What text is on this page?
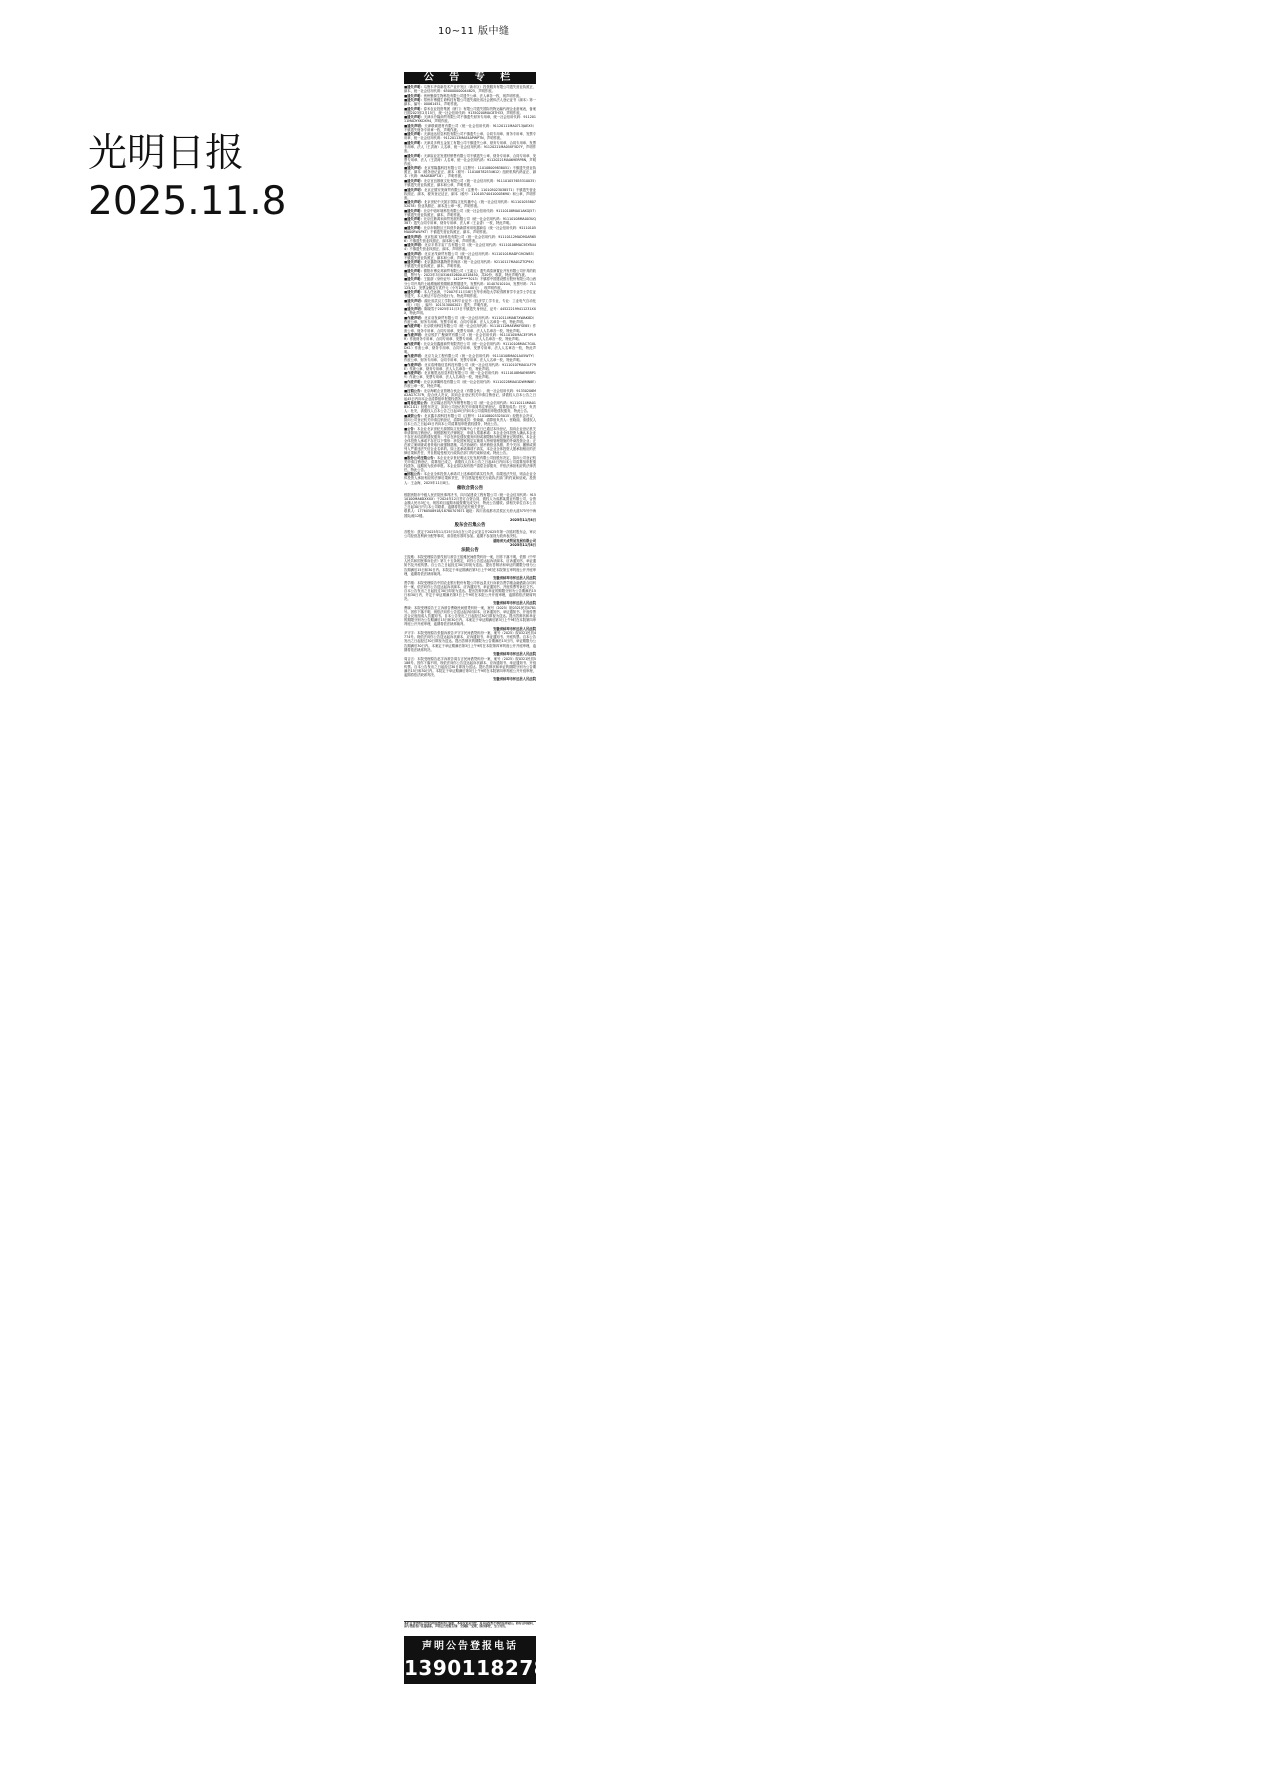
10~11 版中缝
光明日报
2025.11.8
公 告 专 栏
■ 遗失声明：乌鲁木齐高新技术产业开发区（新市区）投资服务有限公司遗失营业执照正、副本，统一社会信用代码：650000000044825，声明作废。
■ 遗失声明：贵州聚源生物科技有限公司遗失公章、法人章各一枚，现声明作废。
■ 遗失声明：郑州市博健生命科技有限公司遗失湖北省社会团体法人登记证书（副本）第一副本，编号：00061451，声明作废。
■ 遗失声明：春禾农业投资集团（厦门）有限公司遗失国际货物运输代理企业备案表，备案日期2023年2月15日，统一社会信用代码：91350200MAC8TH33，声明作废。
■ 遗失声明：天津永升隆商贸有限公司不慎遗失财务专用章，统一社会信用代码：91120111MADYXKDX94，声明作废。
■ 遗失声明：天津联硕建材有限公司（统一社会信用代码：91120111MA0713JAEX5）不慎遗失财务专用章一枚，声明作废。
■ 遗失声明：天津途达信息科技有限公司不慎遗失公章、合同专用章、财务专用章、发票专用章，统一社会信用代码：91120113MAE4APWPTN，声明作废。
■ 遗失声明：天津灵多利五金加工有限公司不慎遗失公章、财务专用章、合同专用章、发票专用章、法人（王洪涛）人名章，统一社会信用代码：91120221MA05XF5D7Y，声明作废。
■ 遗失声明：天津宸业宏发建材销售有限公司不慎遗失公章、财务专用章、合同专用章、发票专用章、法人（王洪涛）人名章，统一社会信用代码：91120221MA069ERP8N，声明作废。
■ 遗失声明：北京邻隆鑫科技有限公司（注册号：110108009838051）不慎遗失营业执照正、副本（税务登记证正、副本（税号：110108782534612）组织机构代码证正、副本（代码：MA0SBXPT-8），声明作废。
■ 遗失声明：北京宜良都航文化有限公司（统一社会信用代码：911101057655310035）不慎遗失营业执照正、副本和公章，声明作废。
■ 遗失声明：北京正德安美商贸有限公司（注册号：110105023038571）不慎遗失营业执照正、副本，税务登记证正、副本（税号：110105740410005690）和公章，声明作废。
■ 遗失声明：北京世纪中天凯宇国际文化传播中心（统一社会信用代码：91110105580752078）营业执照正、副本及公章一枚，声明作废。
■ 遗失声明：北京中铂环境科技有限公司（统一社会信用代码：91110108MA01AKGJ57）不慎遗失营业执照正、副本，声明作废。
■ 遗失声明：北京红鼎鸿禾商贸发展有限公司（统一社会信用代码：91110108MA003UQ387）遗失合同专用章、财务专用章、法人章（王金香）一枚，特此声明。
■ 遗失声明：北京市朝阳区王四营乡新新群家用电器商店（统一社会信用代码：92110105MA00RWLPXT）不慎遗失营业执照正、副本，声明作废。
■ 遗失声明：北京钰源飞扬科技有限公司（统一社会信用代码：91110112MAD9GAR656）不慎遗失营业执照正、副本和公章，声明作废。
■ 遗失声明：北京平易宇宙广告有限公司（统一社会信用代码：91110108MAC5SYB444）不慎遗失营业执照正、副本，声明作废。
■ 遗失声明：北京圣茂商贸有限公司（统一社会信用代码：91110101MADFG9CW83）不慎遗失营业执照正、副本和公章，声明作废。
■ 遗失声明：北京鑫影林鑫物资咨询部（统一社会信用代码：92110117MA01ZTCP9X）不慎遗失营业执照正、副本，声明作废。
■ 遗失声明：德阳市博克邦商贸有限公司（王素云）遗失鸿泰润置业开发有限公司开具的收据，票号为：2022年3月0316452600-0318450，共20份，收款，特此声明作废。
■ 遗失声明：王振浙（身份证号：1423****7013）不慎将中国建设银行股份有限公司山西分公司开具的土地增值税预缴税款票据遗失，发票代码：01407010104，发票号码：711125/12，发票金额壹万贰仟元（小写10500.00元），现声明作废。
■ 遗失声明：本人任远涛，于2007年11月18日在华东师范大学取得教育学专业学士学位证书遗失，本人保证不存在伪造行为，特此声明作废。
■ 遗失声明：湖北省武汉工学院本科毕业证书（经济学工学专业，专业：工业电气自动化（电）（电），编号：101313000202）遗失，声明作废。
■ 遗失声明：陈晓雪于2025年11月3日不慎遗失身份证，证号：445222199411231XXX，特此声明。
■ 作废声明：北京羽发商贸有限公司（统一社会信用代码：91110114MAB7XWAK8D）作废公章、财务专用章、发票专用章、合同专用章、法人人名章各一枚，特此声明。
■ 作废声明：北京联讯科技有限公司（统一社会信用代码：91110112MAEWKFSE85）作废公章、财务专用章、合同专用章、发票专用章、法人人名章各一枚，特此声明。
■ 作废声明：北京锐扩广聚商贸有限公司（统一社会信用代码：91110105MACEF3P19R）作废财务专用章、合同专用章、发票专用章、法人人名章各一枚，特此声明。
■ 作废声明：北京众信鑫盛商贸有限责任公司（统一社会信用代码：91110108MAC7GULDX1）作废公章、财务专用章、合同专用章、发票专用章、法人人名章各一枚，特此声明。
■ 作废声明：北京力众工程有限公司（统一社会信用代码：91110108MA01AX5W7Y）作废公章、财务专用章、合同专用章、发票专用章、法人人名章一枚，特此声明。
■ 作废声明：北京浩博瑞信息科技有限公司（统一社会信用代码：91110107MA01LF79E）作废公章、财务专用章、法人人名章各一枚，特此声明。
■ 作废声明：北京敏思达信息科技有限公司（统一社会信用代码：91110108MAE9BRP1Y）作废公章、发票专用章、法人人名章各一枚，特此声明。
■ 作废声明：北京京津冀科技有限公司（统一社会信用代码：91110228MA01DWMN8E）作废公章一枚，特此声明。
■ 注销公告：北京海联企业管理合伙企业（有限合伙），统一社会信用代码：91330206MA2AG7C37R，经合伙人决议，拟向企业登记机关申请注销登记，请债权人自本公告之日起45日内向本企业清算组申报债权债务。
■ 简易注销公告：北京隆达昌茂汽车销售有限公司（统一社会信用代码：91110114MA01B5C1G1）经股东决定，拟向公司登记机关申请简易注销登记，清算组成员：杜安，负责人：杜安，请债权人自本公告之日起45日内向本公司清算组申报债权债务，特此公告。
■ 减资公告：北京鑫丰源科技有限公司（注册号：110108003325015）经股东会决议，拟向公司登记机关申请注销登记，清算组成员：张晓丽，清算组负责人：张晓丽，请债权人自本公告之日起45日内向本公司清算组申报债权债务，特此公告。
■ 公告：本企业北京世纪天源国际文化传媒中心于近日已通过本所登记，拟向企业登记机关申请简易注销登记。现根据相关法律规定，申请人郑重承诺：本企业全体投资人确认本企业不存在未结清的债权债务；不存在涉及债权债务纠纷或被限制办理注销登记的情形。本企业全体投资人承诺不存在以下情形：涉及国家规定实施准入特别管理措施的外商投资企业；正在被立案调查或者采取行政强制措施、司法协助的；被吊销营业执照、责令关闭、撤销或被列入严重违法失信企业名单的。如上述承诺事项不真实，本企业全体投资人愿承担相应的法律后果和责任，并自愿接受相关行政执法部门的约束和惩戒。特此公告。
■ 股份公司注销公告：本企业北京世纪明达文化发展有限公司经股东决定，拟向公司登记机关申请注销登记，清算组已成立，请债权人自本公告之日起45日内向本公司清算组申报债权债务，逾期视为放弃申报。本企业拟以现有资产清偿全部债务，并依法承担相应的法律责任。特此公告。
■ 招租公告：本企业全体投资人承诺对上述承诺的真实性负责，如果违法失信，则由企业全体投资人承担相应的法律后果和责任，并自愿接受相关行政执法部门的约束和惩戒。投资人：王金海，2025年11月8日。
催收合资公告
根据贵阳市中级人民法院民事判决书，四川某建设工程有限公司（统一社会信用代码：91510100MA6DXXXX）于2024年12月签订合资合同，债权人为成都某置业有限公司，合资金额人民币3亿元，现因项目逾期未能按期完成交付，特此公告催收。请相关单位自本公告之日起30日内与本公司联系，逾期将依法追究相关责任。
联系人：17760508918/18780707671 地址：四川省成都市武侯区天府大道575号中海国际J座12楼。
2025年11月8日
股东会召集公告
各股东：兹定于2025年11月25日15点在公司会议室召开2025年第一次临时股东会，审议公司经营及利润分配等事项，请各股东准时参加。逾期不参加视为放弃表决权。
湖南省天成贸易发展有限公司
2025年11月8日
法院公告
王振雅：本院受理原告夏茂旭与被告王振雅民间借贷纠纷一案，因你下落不明，依照《中华人民共和国民事诉讼法》第九十五条规定，向你公告送达起诉状副本、应诉通知书、举证通知书及开庭传票。自公告之日起经过30日即视为送达。提出答辩状和举证的期限分别为公告期满后15日和30日内。本院定于举证期满后第3日上午9时在本院第五审判庭公开开庭审理，逾期将依法缺席裁判。
安徽省蚌埠市怀远县人民法院
贾学刚：本院受理原告中国农业银行股份有限公司怀远县支行诉被告贾学刚金融借款合同纠纷一案，依法向你公告送达起诉状副本、应诉通知书、举证通知书、开庭传票等诉讼文书。自本公告发出之日起经过30日即视为送达。提出答辩状和举证的期限分别为公告期满后15日和30日内，并定于举证期满后第3日上午9时在本院公开开庭审理，逾期将依法缺席判决。
安徽省蚌埠市怀远县人民法院
曹晓：本院受理原告王立诉被告曹晓民间借贷纠纷一案，案号（2025）皖0321民初4781号。因你下落不明，现依法向你公告送达起诉状副本、应诉通知书、举证通知书、开庭传票及合议庭组成人员通知书。自本公告发出之日起经过30日即视为送达。提出答辩状和举证的期限分别为公告期满后15日和30日内。本案定于举证期满后第3日上午9时在本院第四审判庭公开开庭审理，逾期将依法缺席裁判。
安徽省蚌埠市怀远县人民法院
尹守宇：本院受理原告张磊诉被告尹守宇民间借贷纠纷一案，案号（2025）皖0321民初4774号。现依法向你公告送达起诉状副本、应诉通知书、举证通知书、开庭传票。自本公告发出之日起经过30日即视为送达。提出答辩状的期限为公告期满后15日内，举证期限为公告期满后30日内。本案定于举证期满后第3日上午9时在本院第四审判庭公开开庭审理，逾期将依法缺席判决。
安徽省蚌埠市怀远县人民法院
周吉言：本院受理原告赵宇诉被告周吉言民间借贷纠纷一案，案号（2025）皖0321民初5188号。因你下落不明，现依法向你公告送达起诉状副本、应诉通知书、举证通知书、开庭传票。自本公告发出之日起经过30日即视为送达。提出答辩状和举证的期限分别为公告期满后15日和30日内。本院定于举证期满后第3日上午9时在本院第四审判庭公开开庭审理，逾期将依法缺席判决。
安徽省蚌埠市怀远县人民法院
本栏目刊登的公告内容均由登报客户提供，本报仅负责刊登，对其真实性不承担法律责任。如有任何疑问，请与登报客户直接联系。声明公告登报专线：全国统一受理，即办即登，当日刊出。
声明公告登报电话
13901182789
